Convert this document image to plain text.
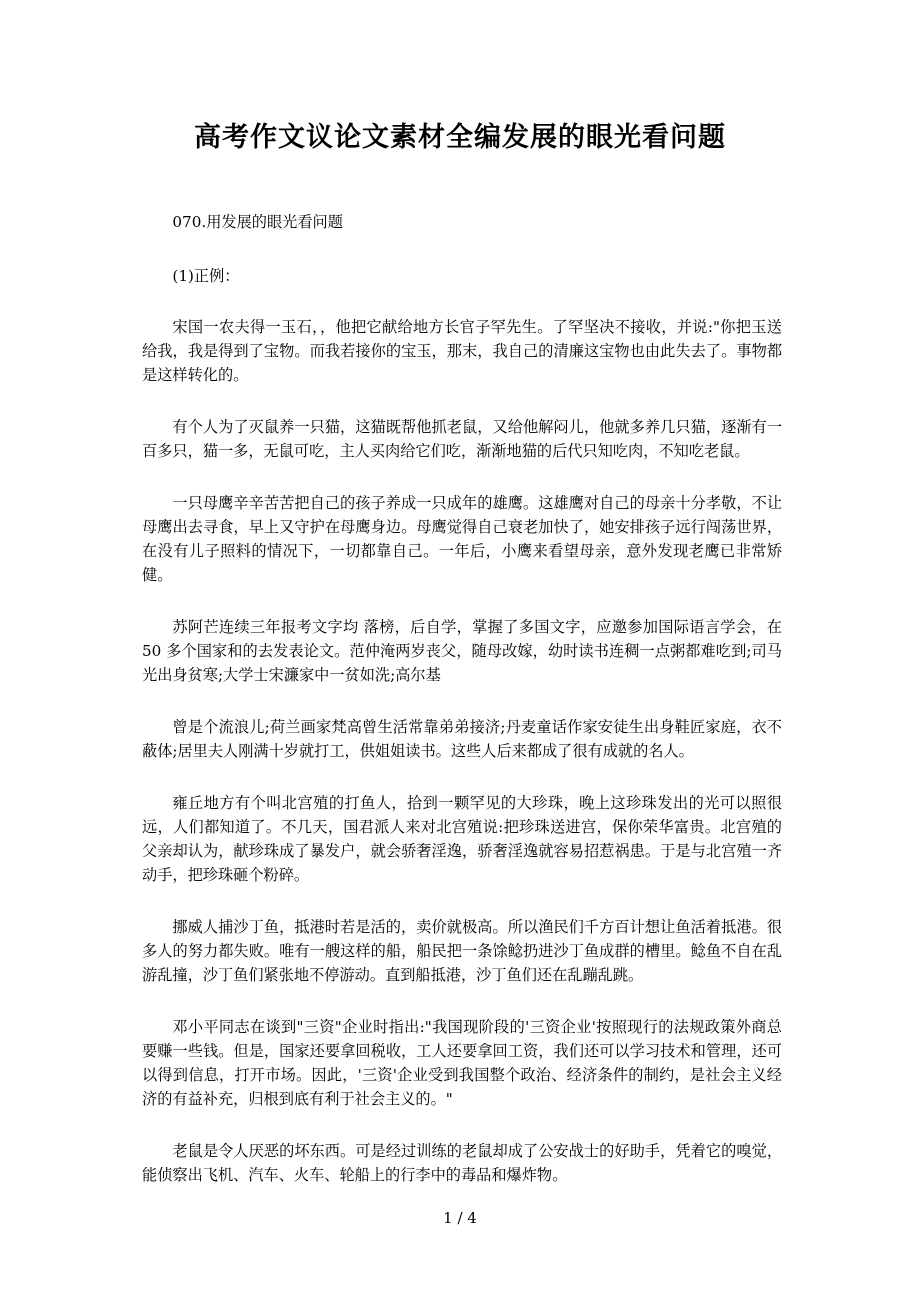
高考作文议论文素材全编发展的眼光看问题

070.用发展的眼光看问题

(1)正例：

宋国一农夫得一玉石，，他把它献给地方长官子罕先生。了罕坚决不接收，并说:"你把玉送给我，我是得到了宝物。而我若接你的宝玉，那末，我自己的清廉这宝物也由此失去了。事物都是这样转化的。

有个人为了灭鼠养一只猫，这猫既帮他抓老鼠，又给他解闷儿，他就多养几只猫，逐渐有一百多只，猫一多，无鼠可吃，主人买肉给它们吃，渐渐地猫的后代只知吃肉，不知吃老鼠。

一只母鹰辛辛苦苦把自己的孩子养成一只成年的雄鹰。这雄鹰对自己的母亲十分孝敬，不让母鹰出去寻食，早上又守护在母鹰身边。母鹰觉得自己衰老加快了，她安排孩子远行闯荡世界，在没有儿子照料的情况下，一切都靠自己。一年后，小鹰来看望母亲，意外发现老鹰已非常矫健。

苏阿芒连续三年报考文字均 落榜，后自学，掌握了多国文字，应邀参加国际语言学会，在 50 多个国家和的去发表论文。范仲淹两岁丧父，随母改嫁，幼时读书连稠一点粥都难吃到;司马光出身贫寒;大学士宋濂家中一贫如洗;高尔基

曾是个流浪儿;荷兰画家梵高曾生活常靠弟弟接济;丹麦童话作家安徒生出身鞋匠家庭，衣不蔽体;居里夫人刚满十岁就打工，供姐姐读书。这些人后来都成了很有成就的名人。

雍丘地方有个叫北宫殖的打鱼人，拾到一颗罕见的大珍珠，晚上这珍珠发出的光可以照很远，人们都知道了。不几天，国君派人来对北宫殖说:把珍珠送进宫，保你荣华富贵。北宫殖的父亲却认为，献珍珠成了暴发户，就会骄奢淫逸，骄奢淫逸就容易招惹祸患。于是与北宫殖一齐动手，把珍珠砸个粉碎。

挪威人捕沙丁鱼，抵港时若是活的，卖价就极高。所以渔民们千方百计想让鱼活着抵港。很多人的努力都失败。唯有一艘这样的船，船民把一条馀鲶扔进沙丁鱼成群的槽里。鲶鱼不自在乱游乱撞，沙丁鱼们紧张地不停游动。直到船抵港，沙丁鱼们还在乱蹦乱跳。

邓小平同志在谈到"三资"企业时指出:"我国现阶段的'三资企业'按照现行的法规政策外商总要赚一些钱。但是，国家还要拿回税收，工人还要拿回工资，我们还可以学习技术和管理，还可以得到信息，打开市场。因此，'三资'企业受到我国整个政治、经济条件的制约，是社会主义经济的有益补充，归根到底有利于社会主义的。"

老鼠是令人厌恶的坏东西。可是经过训练的老鼠却成了公安战士的好助手，凭着它的嗅觉，能侦察出飞机、汽车、火车、轮船上的行李中的毒品和爆炸物。

1 / 4
